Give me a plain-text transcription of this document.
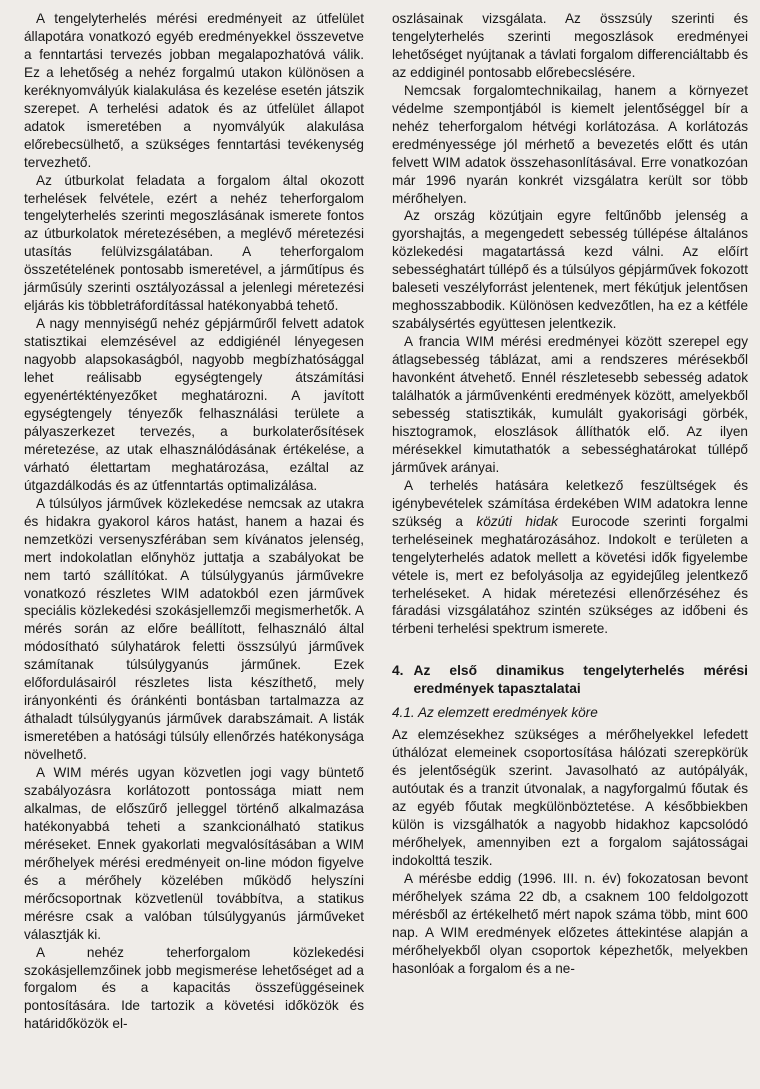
A tengelyterhelés mérési eredményeit az útfelület állapotára vonatkozó egyéb eredményekkel összevetve a fenntartási tervezés jobban megalapozhatóvá válik. Ez a lehetőség a nehéz forgalmú utakon különösen a keréknyomvályúk kialakulása és kezelése esetén játszik szerepet. A terhelési adatok és az útfelület állapot adatok ismeretében a nyomvályúk alakulása előrebecsülhető, a szükséges fenntartási tevékenység tervezhető.

Az útburkolat feladata a forgalom által okozott terhelések felvétele, ezért a nehéz teherforgalom tengelyterhelés szerinti megoszlásának ismerete fontos az útburkolatok méretezésében, a meglévő méretezési utasítás felülvizsgálatában. A teherforgalom összetételének pontosabb ismeretével, a járműtípus és járműsúly szerinti osztályozással a jelenlegi méretezési eljárás kis többletráfordítással hatékonyabbá tehető.

A nagy mennyiségű nehéz gépjárműről felvett adatok statisztikai elemzésével az eddigiénél lényegesen nagyobb alapsokaságból, nagyobb megbízhatósággal lehet reálisabb egységtengely átszámítási egyenértéktényezőket meghatározni. A javított egységtengely tényezők felhasználási területe a pályaszerkezet tervezés, a burkolaterősítések méretezése, az utak elhasználódásának értékelése, a várható élettartam meghatározása, ezáltal az útgazdálkodás és az útfenntartás optimalizálása.

A túlsúlyos járművek közlekedése nemcsak az utakra és hidakra gyakorol káros hatást, hanem a hazai és nemzetközi versenyszférában sem kívánatos jelenség, mert indokolatlan előnyhöz juttatja a szabályokat be nem tartó szállítókat. A túlsúlygyanús járművekre vonatkozó részletes WIM adatokból ezen járművek speciális közlekedési szokásjellemzői megismerhetők. A mérés során az előre beállított, felhasználó által módosítható súlyhatárok feletti összsúlyú járművek számítanak túlsúlygyanús járműnek. Ezek előfordulásairól részletes lista készíthető, mely irányonkénti és óránkénti bontásban tartalmazza az áthaladt túlsúlygyanús járművek darabszámait. A listák ismeretében a hatósági túlsúly ellenőrzés hatékonysága növelhető.

A WIM mérés ugyan közvetlen jogi vagy büntető szabályozásra korlátozott pontossága miatt nem alkalmas, de előszűrő jelleggel történő alkalmazása hatékonyabbá teheti a szankcionálható statikus méréseket. Ennek gyakorlati megvalósításában a WIM mérőhelyek mérési eredményeit on-line módon figyelve és a mérőhely közelében működő helyszíni mérőcsoportnak közvetlenül továbbítva, a statikus mérésre csak a valóban túlsúlygyanús járműveket választják ki.

A nehéz teherforgalom közlekedési szokásjellemzőinek jobb megismerése lehetőséget ad a forgalom és a kapacitás összefüggéseinek pontosítására. Ide tartozik a követési időközök és határidőközök el-

oszlásainak vizsgálata. Az összsúly szerinti és tengelyterhelés szerinti megoszlások eredményei lehetőséget nyújtanak a távlati forgalom differenciáltabb és az eddiginél pontosabb előrebecslésére.

Nemcsak forgalomtechnikailag, hanem a környezet védelme szempontjából is kiemelt jelentőséggel bír a nehéz teherforgalom hétvégi korlátozása. A korlátozás eredményessége jól mérhető a bevezetés előtt és után felvett WIM adatok összehasonlításával. Erre vonatkozóan már 1996 nyarán konkrét vizsgálatra került sor több mérőhelyen.

Az ország közútjain egyre feltűnőbb jelenség a gyorshajtás, a megengedett sebesség túllépése általános közlekedési magatartássá kezd válni. Az előírt sebességhatárt túllépő és a túlsúlyos gépjárművek fokozott baleseti veszélyforrást jelentenek, mert fékútjuk jelentősen meghosszabbodik. Különösen kedvezőtlen, ha ez a kétféle szabálysértés együttesen jelentkezik.

A francia WIM mérési eredményei között szerepel egy átlagsebesség táblázat, ami a rendszeres mérésekből havonként átvehető. Ennél részletesebb sebesség adatok találhatók a járművenkénti eredmények között, amelyekből sebesség statisztikák, kumulált gyakorisági görbék, hisztogramok, eloszlások állíthatók elő. Az ilyen mérésekkel kimutathatók a sebességhatárokat túllépő járművek arányai.

A terhelés hatására keletkező feszültségek és igénybevételek számítása érdekében WIM adatokra lenne szükség a közúti hidak Eurocode szerinti forgalmi terheléseinek meghatározásához. Indokolt e területen a tengelyterhelés adatok mellett a követési idők figyelembe vétele is, mert ez befolyásolja az egyidejűleg jelentkező terheléseket. A hidak méretezési ellenőrzéséhez és fáradási vizsgálatához szintén szükséges az időbeni és térbeni terhelési spektrum ismerete.

4. Az első dinamikus tengelyterhelés mérési eredmények tapasztalatai
4.1. Az elemzett eredmények köre

Az elemzésekhez szükséges a mérőhelyekkel lefedett úthálózat elemeinek csoportosítása hálózati szerepkörük és jelentőségük szerint. Javasolható az autópályák, autóutak és a tranzit útvonalak, a nagyforgalmú főutak és az egyéb főutak megkülönböztetése. A későbbiekben külön is vizsgálhatók a nagyobb hidakhoz kapcsolódó mérőhelyek, amennyiben ezt a forgalom sajátosságai indokolttá teszik.

A mérésbe eddig (1996. III. n. év) fokozatosan bevont mérőhelyek száma 22 db, a csaknem 100 feldolgozott mérésből az értékelhető mért napok száma több, mint 600 nap. A WIM eredmények előzetes áttekintése alapján a mérőhelyekből olyan csoportok képezhetők, melyekben hasonlóak a forgalom és a ne-
